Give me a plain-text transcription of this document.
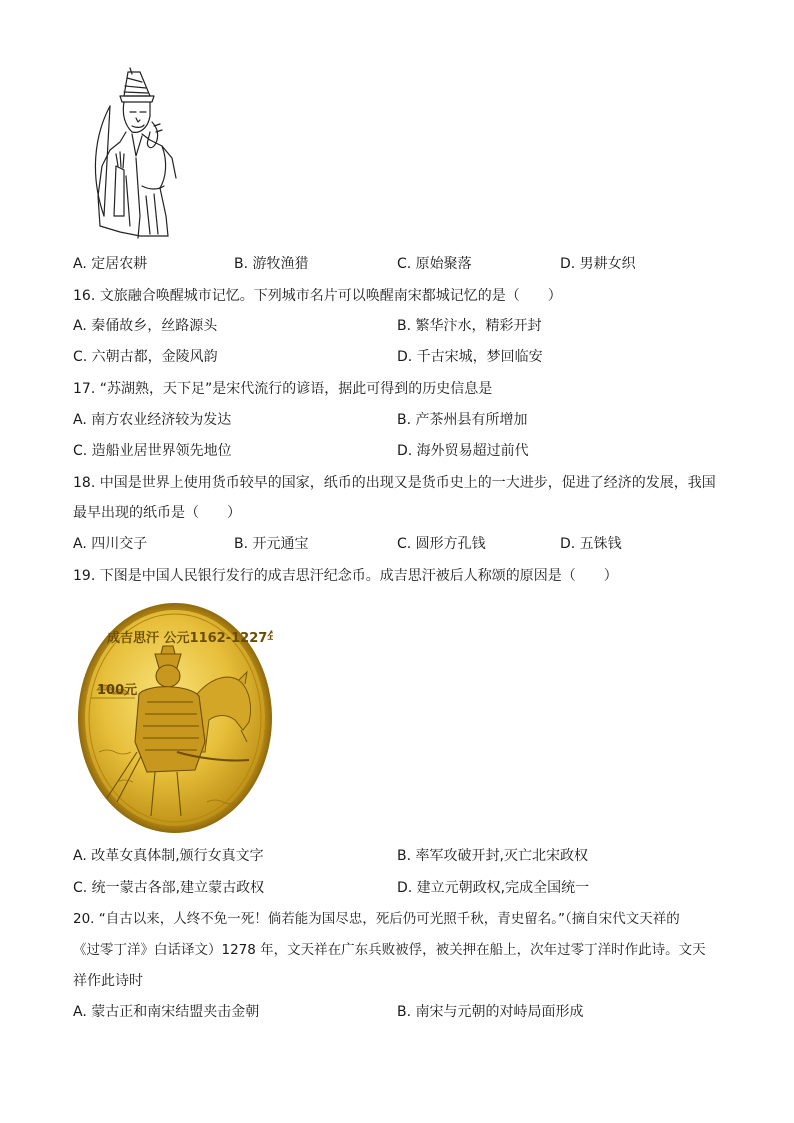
A. 定居农耕	B. 游牧渔猎	C. 原始聚落	D. 男耕女织
16. 文旅融合唤醒城市记忆。下列城市名片可以唤醒南宋都城记忆的是（　　）
A. 秦俑故乡，丝路源头	B. 繁华汴水，精彩开封
C. 六朝古都，金陵风韵	D. 千古宋城，梦回临安
17. “苏湖熟，天下足”是宋代流行的谚语，据此可得到的历史信息是
A. 南方农业经济较为发达	B. 产茶州县有所增加
C. 造船业居世界领先地位	D. 海外贸易超过前代
18. 中国是世界上使用货币较早的国家，纸币的出现又是货币史上的一大进步，促进了经济的发展，我国
最早出现的纸币是（　　）
A. 四川交子	B. 开元通宝	C. 圆形方孔钱	D. 五铢钱
19. 下图是中国人民银行发行的成吉思汗纪念币。成吉思汗被后人称颂的原因是（　　）
成吉思汗 公元1162-1227年
100元
A. 改革女真体制,颁行女真文字	B. 率军攻破开封,灭亡北宋政权
C. 统一蒙古各部,建立蒙古政权	D. 建立元朝政权,完成全国统一
20. “自古以来，人终不免一死！倘若能为国尽忠，死后仍可光照千秋，青史留名。”（摘自宋代文天祥的
《过零丁洋》白话译文）1278 年，文天祥在广东兵败被俘，被关押在船上，次年过零丁洋时作此诗。文天
祥作此诗时
A. 蒙古正和南宋结盟夹击金朝	B. 南宋与元朝的对峙局面形成
